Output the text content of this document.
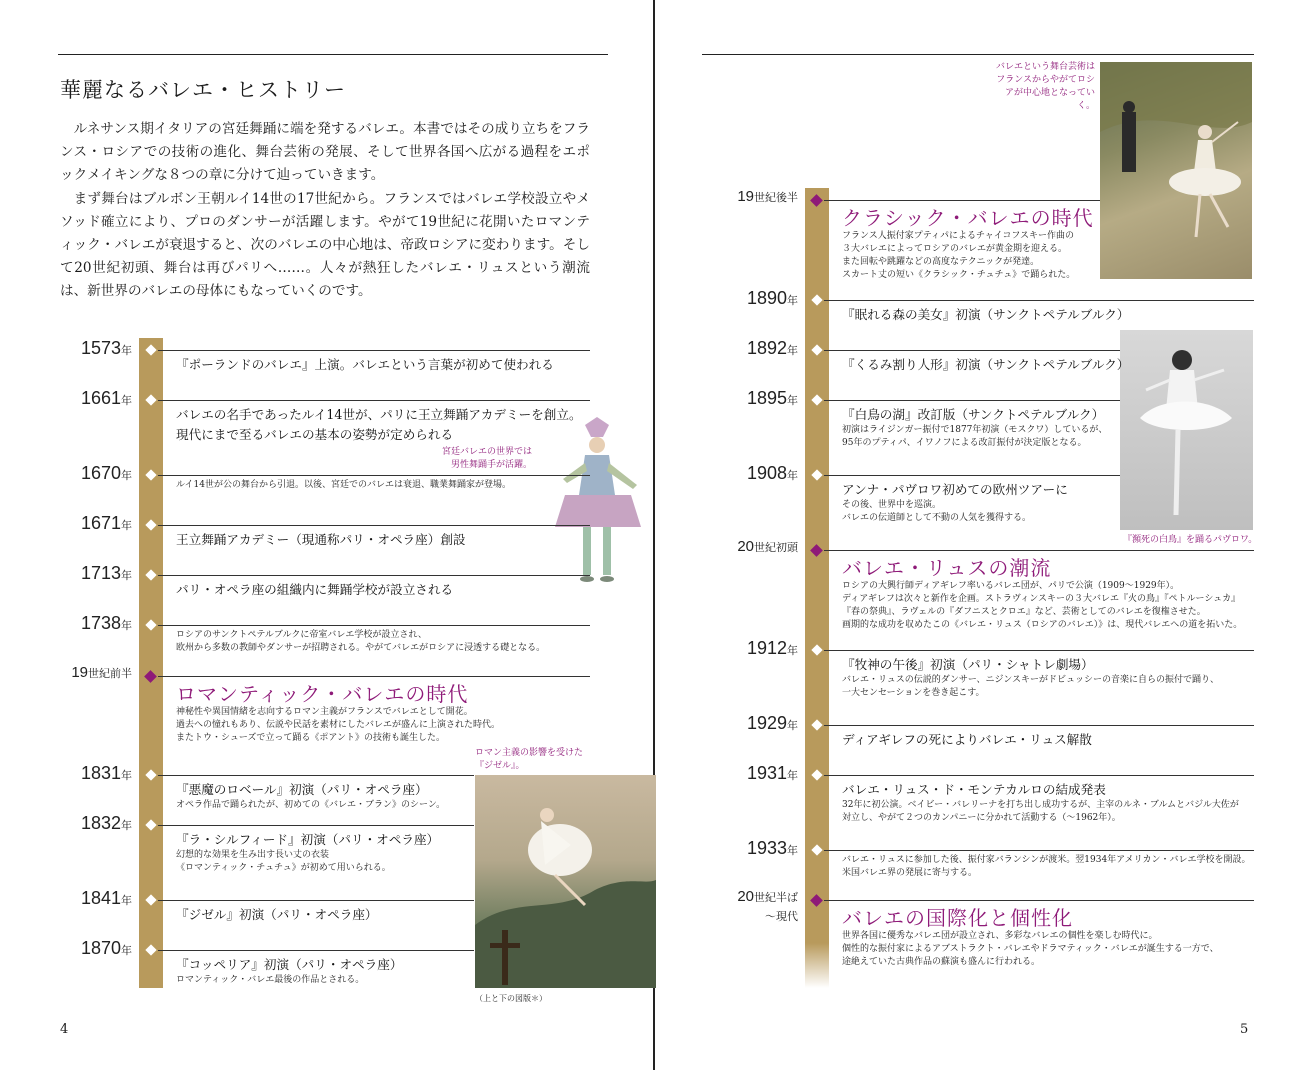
華麗なるバレエ・ヒストリー

ルネサンス期イタリアの宮廷舞踊に端を発するバレエ。本書ではその成り立ちをフランス・ロシアでの技術の進化、舞台芸術の発展、そして世界各国へ広がる過程をエポックメイキングな８つの章に分けて辿っていきます。

まず舞台はブルボン王朝ルイ14世の17世紀から。フランスではバレエ学校設立やメソッド確立により、プロのダンサーが活躍します。やがて19世紀に花開いたロマンティック・バレエが衰退すると、次のバレエの中心地は、帝政ロシアに変わります。そして20世紀初頭、舞台は再びパリへ……。人々が熱狂したバレエ・リュスという潮流は、新世界のバレエの母体にもなっていくのです。

宮廷バレエの世界では
男性舞踊手が活躍。
ロマン主義の影響を受けた
『ジゼル』。
（上と下の図版＊）
4
バレエという舞台芸術は
フランスからやがてロシ
アが中心地となっていく。
『瀕死の白鳥』を踊るパヴロワ。
5
1573年
『ポーランドのバレエ』上演。バレエという言葉が初めて使われる
1661年
バレエの名手であったルイ14世が、パリに王立舞踊アカデミーを創立。
現代にまで至るバレエの基本の姿勢が定められる
1670年
ルイ14世が公の舞台から引退。以後、宮廷でのバレエは衰退、職業舞踊家が登場。
1671年
王立舞踊アカデミー（現通称パリ・オペラ座）創設
1713年
パリ・オペラ座の組織内に舞踊学校が設立される
1738年
ロシアのサンクトペテルブルクに帝室バレエ学校が設立され、
欧州から多数の教師やダンサーが招聘される。やがてバレエがロシアに浸透する礎となる。
19世紀前半
ロマンティック・バレエの時代
神秘性や異国情緒を志向するロマン主義がフランスでバレエとして開花。
過去への憧れもあり、伝説や民話を素材にしたバレエが盛んに上演された時代。
またトウ・シューズで立って踊る《ポアント》の技術も誕生した。
1831年
『悪魔のロベール』初演（パリ・オペラ座）
オペラ作品で踊られたが、初めての《バレエ・ブラン》のシーン。
1832年
『ラ・シルフィード』初演（パリ・オペラ座）
幻想的な効果を生み出す長い丈の衣装
《ロマンティック・チュチュ》が初めて用いられる。
1841年
『ジゼル』初演（パリ・オペラ座）
1870年
『コッペリア』初演（パリ・オペラ座）
ロマンティック・バレエ最後の作品とされる。
19世紀後半
クラシック・バレエの時代
フランス人振付家プティパによるチャイコフスキー作曲の
３大バレエによってロシアのバレエが黄金期を迎える。
また回転や跳躍などの高度なテクニックが発達。
スカート丈の短い《クラシック・チュチュ》で踊られた。
1890年
『眠れる森の美女』初演（サンクトペテルブルク）
1892年
『くるみ割り人形』初演（サンクトペテルブルク）
1895年
『白鳥の湖』改訂版（サンクトペテルブルク）
初演はライジンガー振付で1877年初演（モスクワ）しているが、
95年のプティパ、イワノフによる改訂振付が決定版となる。
1908年
アンナ・パヴロワ初めての欧州ツアーに
その後、世界中を巡演。
バレエの伝道師として不動の人気を獲得する。
20世紀初頭
バレエ・リュスの潮流
ロシアの大興行師ディアギレフ率いるバレエ団が、パリで公演（1909～1929年）。
ディアギレフは次々と新作を企画。ストラヴィンスキーの３大バレエ『火の鳥』『ペトルーシュカ』
『春の祭典』、ラヴェルの『ダフニスとクロエ』など、芸術としてのバレエを復権させた。
画期的な成功を収めたこの《バレエ・リュス（ロシアのバレエ）》は、現代バレエへの道を拓いた。
1912年
『牧神の午後』初演（パリ・シャトレ劇場）
バレエ・リュスの伝説的ダンサー、ニジンスキーがドビュッシーの音楽に自らの振付で踊り、
一大センセーションを巻き起こす。
1929年
ディアギレフの死によりバレエ・リュス解散
1931年
バレエ・リュス・ド・モンテカルロの結成発表
32年に初公演。ベイビー・バレリーナを打ち出し成功するが、主宰のルネ・ブルムとバジル大佐が
対立し、やがて２つのカンパニーに分かれて活動する（～1962年）。
1933年
バレエ・リュスに参加した後、振付家バランシンが渡米。翌1934年アメリカン・バレエ学校を開設。
米国バレエ界の発展に寄与する。
20世紀半ば
～現代 バレエの国際化と個性化
世界各国に優秀なバレエ団が設立され、多彩なバレエの個性を楽しむ時代に。
個性的な振付家によるアブストラクト・バレエやドラマティック・バレエが誕生する一方で、
途絶えていた古典作品の蘇演も盛んに行われる。
